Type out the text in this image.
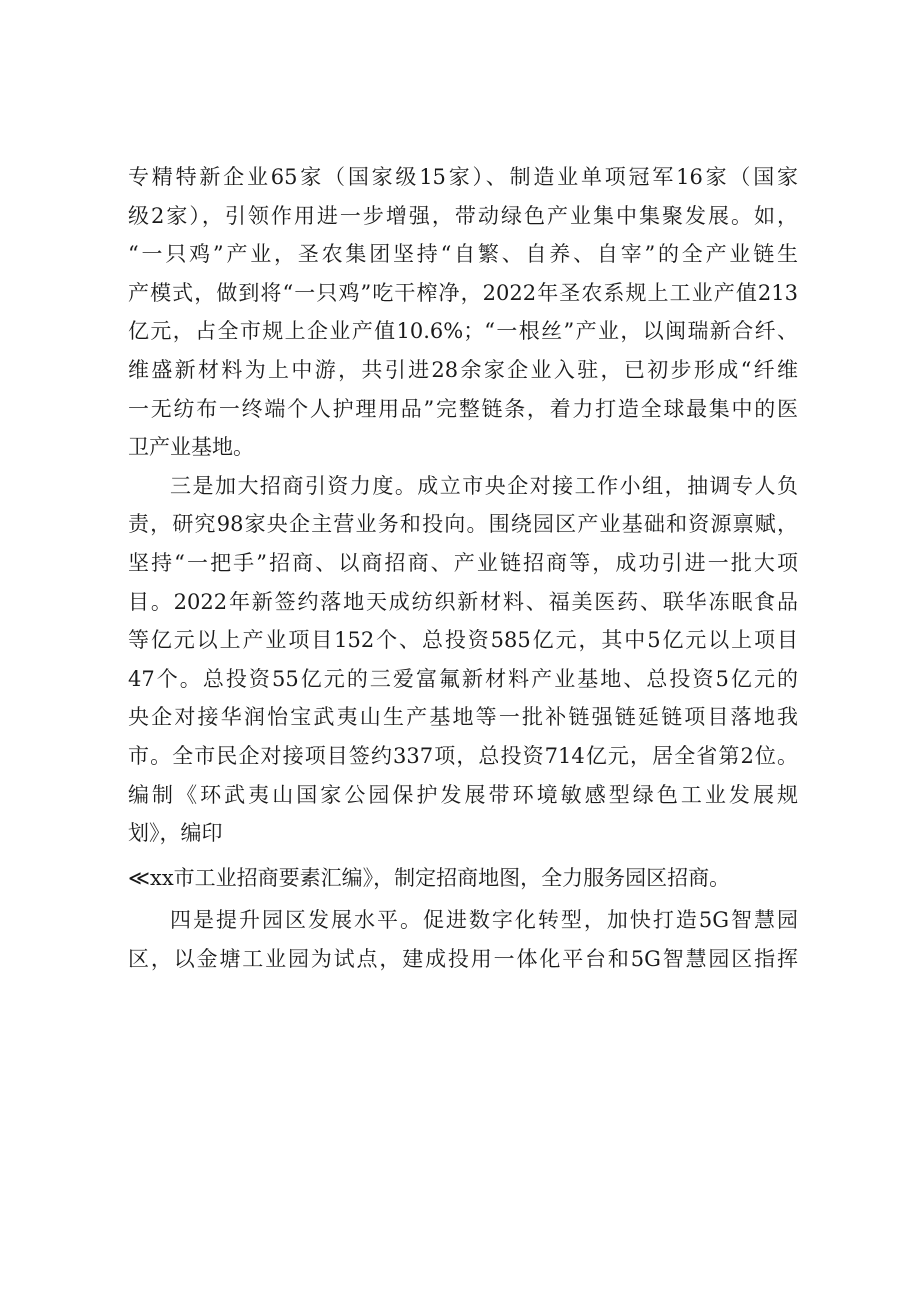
专精特新企业65家（国家级15家）、制造业单项冠军16家（国家
级2家），引领作用进一步增强，带动绿色产业集中集聚发展。如，
“一只鸡”产业，圣农集团坚持“自繁、自养、自宰”的全产业链生
产模式，做到将“一只鸡”吃干榨净，2022年圣农系规上工业产值213
亿元，占全市规上企业产值10.6%；“一根丝”产业，以闽瑞新合纤、
维盛新材料为上中游，共引进28余家企业入驻，已初步形成“纤维
一无纺布一终端个人护理用品”完整链条，着力打造全球最集中的医
卫产业基地。
三是加大招商引资力度。成立市央企对接工作小组，抽调专人负
责，研究98家央企主营业务和投向。围绕园区产业基础和资源禀赋，
坚持“一把手”招商、以商招商、产业链招商等，成功引进一批大项
目。2022年新签约落地天成纺织新材料、福美医药、联华冻眠食品
等亿元以上产业项目152个、总投资585亿元，其中5亿元以上项目
47个。总投资55亿元的三爱富氟新材料产业基地、总投资5亿元的
央企对接华润怡宝武夷山生产基地等一批补链强链延链项目落地我
市。全市民企对接项目签约337项，总投资714亿元，居全省第2位。
编制《环武夷山国家公园保护发展带环境敏感型绿色工业发展规
划》，编印
≪xx市工业招商要素汇编》，制定招商地图，全力服务园区招商。
四是提升园区发展水平。促进数字化转型，加快打造5G智慧园
区，以金塘工业园为试点，建成投用一体化平台和5G智慧园区指挥
